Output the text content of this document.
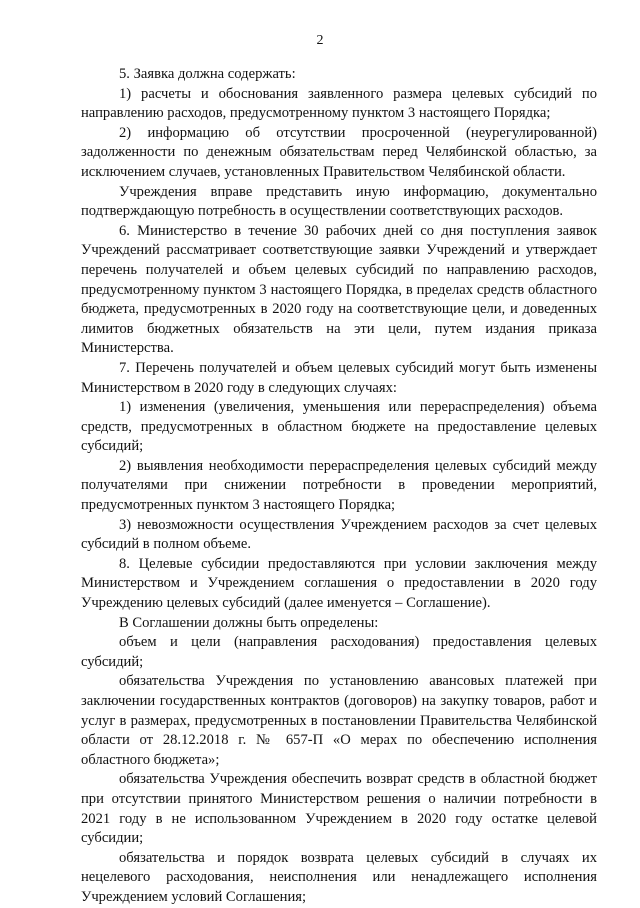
2

5. Заявка должна содержать:

1) расчеты и обоснования заявленного размера целевых субсидий по направлению расходов, предусмотренному пунктом 3 настоящего Порядка;

2) информацию об отсутствии просроченной (неурегулированной) задолженности по денежным обязательствам перед Челябинской областью, за исключением случаев, установленных Правительством Челябинской области.

Учреждения вправе представить иную информацию, документально подтверждающую потребность в осуществлении соответствующих расходов.

6. Министерство в течение 30 рабочих дней со дня поступления заявок Учреждений рассматривает соответствующие заявки Учреждений и утверждает перечень получателей и объем целевых субсидий по направлению расходов, предусмотренному пунктом 3 настоящего Порядка, в пределах средств областного бюджета, предусмотренных в 2020 году на соответствующие цели, и доведенных лимитов бюджетных обязательств на эти цели, путем издания приказа Министерства.

7. Перечень получателей и объем целевых субсидий могут быть изменены Министерством в 2020 году в следующих случаях:

1) изменения (увеличения, уменьшения или перераспределения) объема средств, предусмотренных в областном бюджете на предоставление целевых субсидий;

2) выявления необходимости перераспределения целевых субсидий между получателями при снижении потребности в проведении мероприятий, предусмотренных пунктом 3 настоящего Порядка;

3) невозможности осуществления Учреждением расходов за счет целевых субсидий в полном объеме.

8. Целевые субсидии предоставляются при условии заключения между Министерством и Учреждением соглашения о предоставлении в 2020 году Учреждению целевых субсидий (далее именуется – Соглашение).

В Соглашении должны быть определены:

объем и цели (направления расходования) предоставления целевых субсидий;

обязательства Учреждения по установлению авансовых платежей при заключении государственных контрактов (договоров) на закупку товаров, работ и услуг в размерах, предусмотренных в постановлении Правительства Челябинской области от 28.12.2018 г. № 657-П «О мерах по обеспечению исполнения областного бюджета»;

обязательства Учреждения обеспечить возврат средств в областной бюджет при отсутствии принятого Министерством решения о наличии потребности в 2021 году в не использованном Учреждением в 2020 году остатке целевой субсидии;

обязательства и порядок возврата целевых субсидий в случаях их нецелевого расходования, неисполнения или ненадлежащего исполнения Учреждением условий Соглашения;
